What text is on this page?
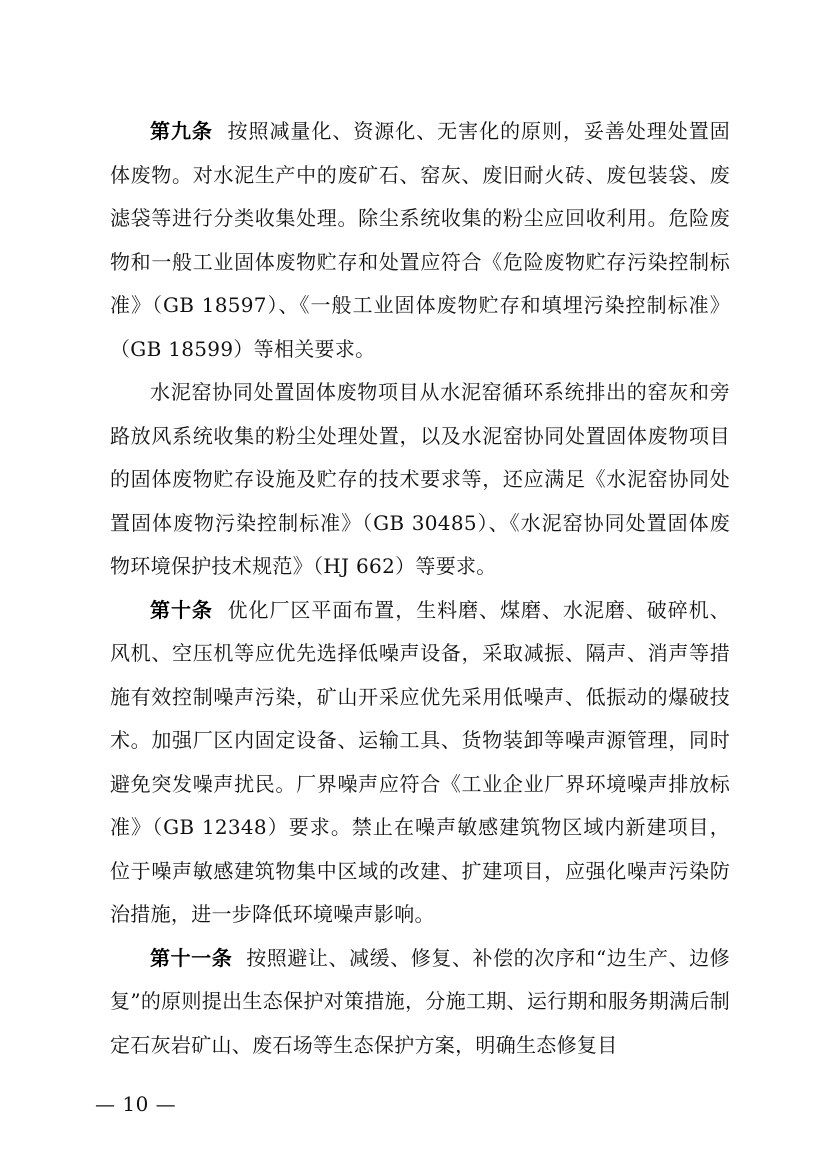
第九条 按照减量化、资源化、无害化的原则，妥善处理处置固体废物。对水泥生产中的废矿石、窑灰、废旧耐火砖、废包装袋、废滤袋等进行分类收集处理。除尘系统收集的粉尘应回收利用。危险废物和一般工业固体废物贮存和处置应符合《危险废物贮存污染控制标准》（GB 18597）、《一般工业固体废物贮存和填埋污染控制标准》（GB 18599）等相关要求。

水泥窑协同处置固体废物项目从水泥窑循环系统排出的窑灰和旁路放风系统收集的粉尘处理处置，以及水泥窑协同处置固体废物项目的固体废物贮存设施及贮存的技术要求等，还应满足《水泥窑协同处置固体废物污染控制标准》（GB 30485）、《水泥窑协同处置固体废物环境保护技术规范》（HJ 662）等要求。

第十条 优化厂区平面布置，生料磨、煤磨、水泥磨、破碎机、风机、空压机等应优先选择低噪声设备，采取减振、隔声、消声等措施有效控制噪声污染，矿山开采应优先采用低噪声、低振动的爆破技术。加强厂区内固定设备、运输工具、货物装卸等噪声源管理，同时避免突发噪声扰民。厂界噪声应符合《工业企业厂界环境噪声排放标准》（GB 12348）要求。禁止在噪声敏感建筑物区域内新建项目，位于噪声敏感建筑物集中区域的改建、扩建项目，应强化噪声污染防治措施，进一步降低环境噪声影响。

第十一条 按照避让、减缓、修复、补偿的次序和“边生产、边修复”的原则提出生态保护对策措施，分施工期、运行期和服务期满后制定石灰岩矿山、废石场等生态保护方案，明确生态修复目

— 10 —
